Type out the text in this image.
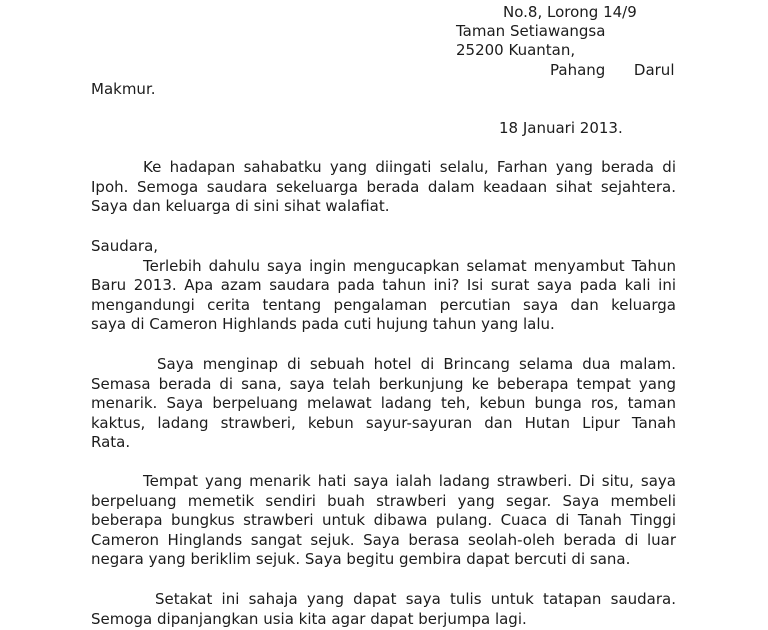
No.8, Lorong 14/9
Taman Setiawangsa
25200 Kuantan,
Pahang      Darul
Makmur.
18 Januari 2013.
Ke hadapan sahabatku yang diingati selalu, Farhan yang berada di
Ipoh. Semoga saudara sekeluarga berada dalam keadaan sihat sejahtera.
Saya dan keluarga di sini sihat walafiat.
Saudara,
Terlebih dahulu saya ingin mengucapkan selamat menyambut Tahun
Baru 2013. Apa azam saudara pada tahun ini? Isi surat saya pada kali ini
mengandungi cerita tentang pengalaman percutian saya dan keluarga
saya di Cameron Highlands pada cuti hujung tahun yang lalu.
Saya menginap di sebuah hotel di Brincang selama dua malam.
Semasa berada di sana, saya telah berkunjung ke beberapa tempat yang
menarik. Saya berpeluang melawat ladang teh, kebun bunga ros, taman
kaktus, ladang strawberi, kebun sayur-sayuran dan Hutan Lipur Tanah
Rata.
Tempat yang menarik hati saya ialah ladang strawberi. Di situ, saya
berpeluang memetik sendiri buah strawberi yang segar. Saya membeli
beberapa bungkus strawberi untuk dibawa pulang. Cuaca di Tanah Tinggi
Cameron Hinglands sangat sejuk. Saya berasa seolah-oleh berada di luar
negara yang beriklim sejuk. Saya begitu gembira dapat bercuti di sana.
Setakat ini sahaja yang dapat saya tulis untuk tatapan saudara.
Semoga dipanjangkan usia kita agar dapat berjumpa lagi.
